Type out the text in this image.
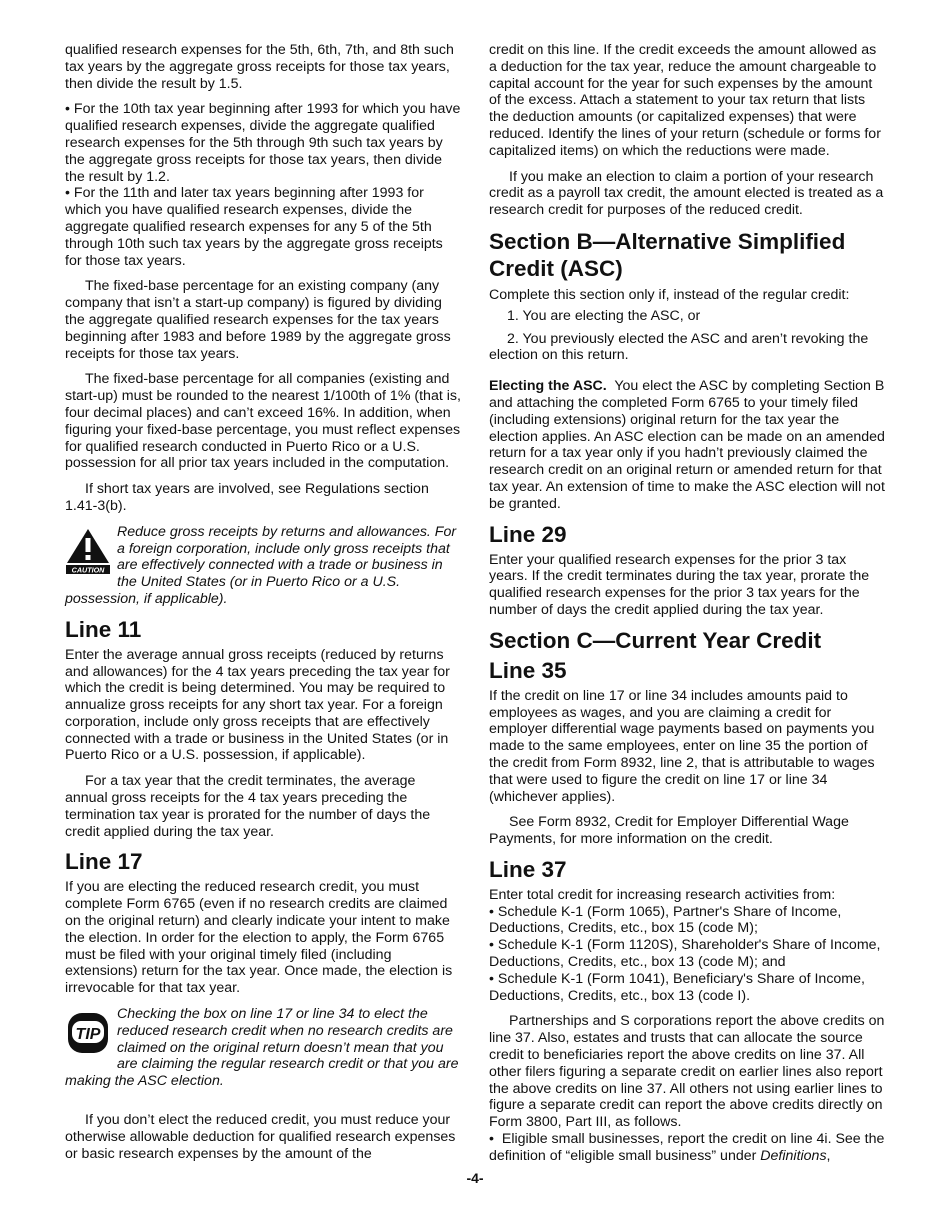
qualified research expenses for the 5th, 6th, 7th, and 8th such tax years by the aggregate gross receipts for those tax years, then divide the result by 1.5.

• For the 10th tax year beginning after 1993 for which you have qualified research expenses, divide the aggregate qualified research expenses for the 5th through 9th such tax years by the aggregate gross receipts for those tax years, then divide the result by 1.2.

• For the 11th and later tax years beginning after 1993 for which you have qualified research expenses, divide the aggregate qualified research expenses for any 5 of the 5th through 10th such tax years by the aggregate gross receipts for those tax years.

The fixed-base percentage for an existing company (any company that isn’t a start-up company) is figured by dividing the aggregate qualified research expenses for the tax years beginning after 1983 and before 1989 by the aggregate gross receipts for those tax years.

The fixed-base percentage for all companies (existing and start-up) must be rounded to the nearest 1/100th of 1% (that is, four decimal places) and can’t exceed 16%. In addition, when figuring your fixed-base percentage, you must reflect expenses for qualified research conducted in Puerto Rico or a U.S. possession for all prior tax years included in the computation.

If short tax years are involved, see Regulations section 1.41-3(b).

CAUTION
Reduce gross receipts by returns and allowances. For a foreign corporation, include only gross receipts that are effectively connected with a trade or business in the United States (or in Puerto Rico or a U.S. possession, if applicable).
Line 11

Enter the average annual gross receipts (reduced by returns and allowances) for the 4 tax years preceding the tax year for which the credit is being determined. You may be required to annualize gross receipts for any short tax year. For a foreign corporation, include only gross receipts that are effectively connected with a trade or business in the United States (or in Puerto Rico or a U.S. possession, if applicable).

For a tax year that the credit terminates, the average annual gross receipts for the 4 tax years preceding the termination tax year is prorated for the number of days the credit applied during the tax year.

Line 17

If you are electing the reduced research credit, you must complete Form 6765 (even if no research credits are claimed on the original return) and clearly indicate your intent to make the election. In order for the election to apply, the Form 6765 must be filed with your original timely filed (including extensions) return for the tax year. Once made, the election is irrevocable for that tax year.

TIP
Checking the box on line 17 or line 34 to elect the reduced research credit when no research credits are claimed on the original return doesn’t mean that you are claiming the regular research credit or that you are making the ASC election.

If you don’t elect the reduced credit, you must reduce your otherwise allowable deduction for qualified research expenses or basic research expenses by the amount of the

credit on this line. If the credit exceeds the amount allowed as a deduction for the tax year, reduce the amount chargeable to capital account for the year for such expenses by the amount of the excess. Attach a statement to your tax return that lists the deduction amounts (or capitalized expenses) that were reduced. Identify the lines of your return (schedule or forms for capitalized items) on which the reductions were made.

If you make an election to claim a portion of your research credit as a payroll tax credit, the amount elected is treated as a research credit for purposes of the reduced credit.

Section B—Alternative Simplified Credit (ASC)

Complete this section only if, instead of the regular credit:

1. You are electing the ASC, or

2. You previously elected the ASC and aren’t revoking the election on this return.

Electing the ASC. You elect the ASC by completing Section B and attaching the completed Form 6765 to your timely filed (including extensions) original return for the tax year the election applies. An ASC election can be made on an amended return for a tax year only if you hadn’t previously claimed the research credit on an original return or amended return for that tax year. An extension of time to make the ASC election will not be granted.

Line 29

Enter your qualified research expenses for the prior 3 tax years. If the credit terminates during the tax year, prorate the qualified research expenses for the prior 3 tax years for the number of days the credit applied during the tax year.

Section C—Current Year Credit
Line 35

If the credit on line 17 or line 34 includes amounts paid to employees as wages, and you are claiming a credit for employer differential wage payments based on payments you made to the same employees, enter on line 35 the portion of the credit from Form 8932, line 2, that is attributable to wages that were used to figure the credit on line 17 or line 34 (whichever applies).

See Form 8932, Credit for Employer Differential Wage Payments, for more information on the credit.

Line 37

Enter total credit for increasing research activities from:

• Schedule K-1 (Form 1065), Partner's Share of Income, Deductions, Credits, etc., box 15 (code M);

• Schedule K-1 (Form 1120S), Shareholder's Share of Income, Deductions, Credits, etc., box 13 (code M); and

• Schedule K-1 (Form 1041), Beneficiary's Share of Income, Deductions, Credits, etc., box 13 (code I).

Partnerships and S corporations report the above credits on line 37. Also, estates and trusts that can allocate the source credit to beneficiaries report the above credits on line 37. All other filers figuring a separate credit on earlier lines also report the above credits on line 37. All others not using earlier lines to figure a separate credit can report the above credits directly on Form 3800, Part III, as follows.

• Eligible small businesses, report the credit on line 4i. See the definition of “eligible small business” under Definitions,

-4-
